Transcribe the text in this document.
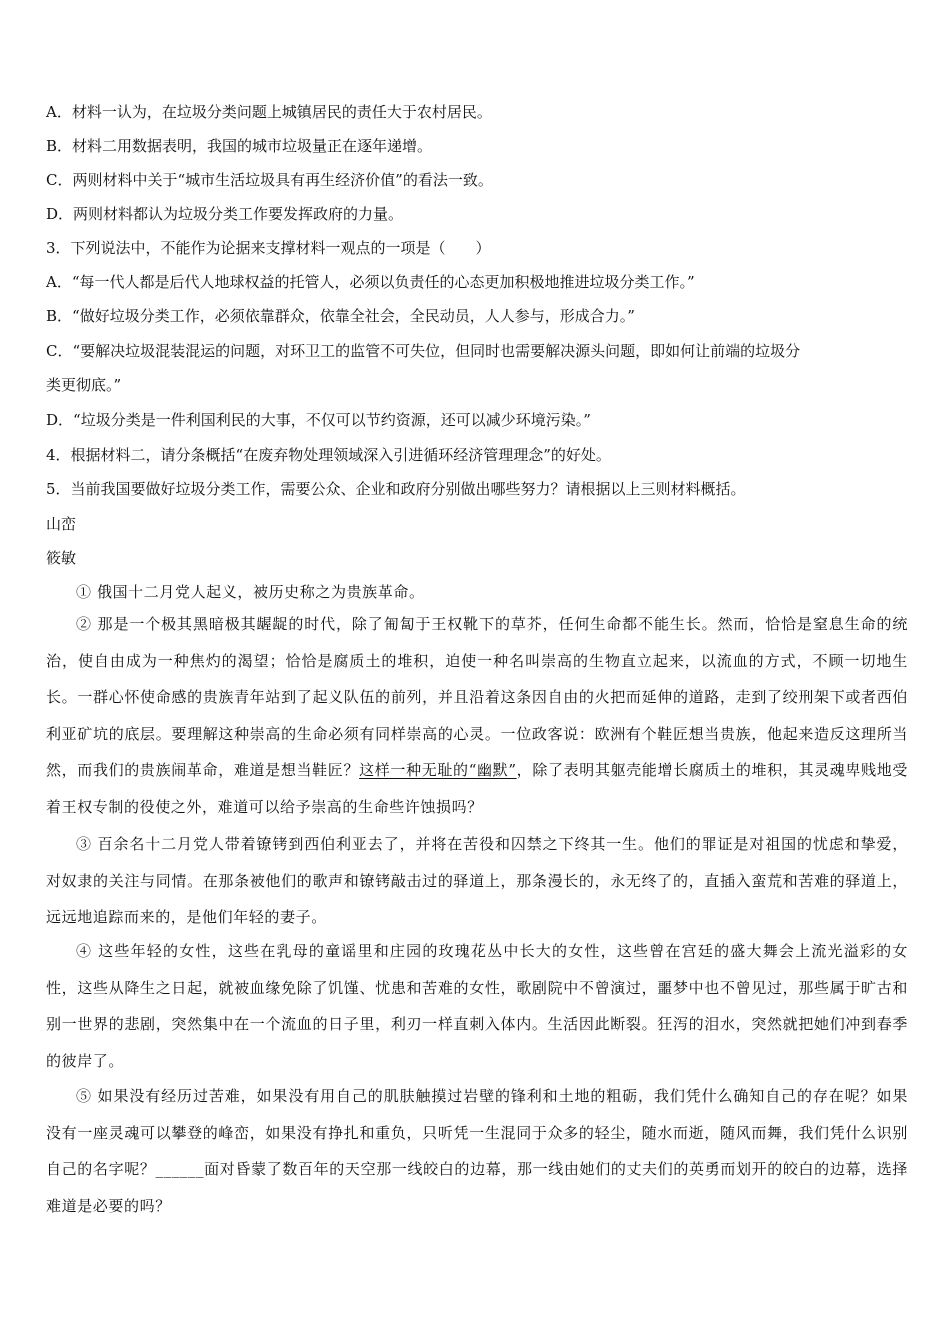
A．材料一认为，在垃圾分类问题上城镇居民的责任大于农村居民。
B．材料二用数据表明，我国的城市垃圾量正在逐年递增。
C．两则材料中关于“城市生活垃圾具有再生经济价值”的看法一致。
D．两则材料都认为垃圾分类工作要发挥政府的力量。
3．下列说法中，不能作为论据来支撑材料一观点的一项是（　　）
A．“每一代人都是后代人地球权益的托管人，必须以负责任的心态更加积极地推进垃圾分类工作。”
B．“做好垃圾分类工作，必须依靠群众，依靠全社会，全民动员，人人参与，形成合力。”
C．“要解决垃圾混装混运的问题，对环卫工的监管不可失位，但同时也需要解决源头问题，即如何让前端的垃圾分
类更彻底。”
D．“垃圾分类是一件利国利民的大事，不仅可以节约资源，还可以减少环境污染。”
4．根据材料二，请分条概括“在废弃物处理领域深入引进循环经济管理理念”的好处。
5．当前我国要做好垃圾分类工作，需要公众、企业和政府分别做出哪些努力？请根据以上三则材料概括。
山峦
筱敏
① 俄国十二月党人起义，被历史称之为贵族革命。
② 那是一个极其黑暗极其龌龊的时代，除了匍匐于王权靴下的草芥，任何生命都不能生长。然而，恰恰是窒息生命的统治，使自由成为一种焦灼的渴望；恰恰是腐质土的堆积，迫使一种名叫崇高的生物直立起来，以流血的方式，不顾一切地生长。一群心怀使命感的贵族青年站到了起义队伍的前列，并且沿着这条因自由的火把而延伸的道路，走到了绞刑架下或者西伯利亚矿坑的底层。要理解这种崇高的生命必须有同样崇高的心灵。一位政客说：欧洲有个鞋匠想当贵族，他起来造反这理所当然，而我们的贵族闹革命，难道是想当鞋匠？这样一种无耻的“幽默”，除了表明其躯壳能增长腐质土的堆积，其灵魂卑贱地受着王权专制的役使之外，难道可以给予崇高的生命些许蚀损吗？
③ 百余名十二月党人带着镣铐到西伯利亚去了，并将在苦役和囚禁之下终其一生。他们的罪证是对祖国的忧虑和挚爱，对奴隶的关注与同情。在那条被他们的歌声和镣铐敲击过的驿道上，那条漫长的，永无终了的，直插入蛮荒和苦难的驿道上，远远地追踪而来的，是他们年轻的妻子。
④ 这些年轻的女性，这些在乳母的童谣里和庄园的玫瑰花丛中长大的女性，这些曾在宫廷的盛大舞会上流光溢彩的女性，这些从降生之日起，就被血缘免除了饥馑、忧患和苦难的女性，歌剧院中不曾演过，噩梦中也不曾见过，那些属于旷古和别一世界的悲剧，突然集中在一个流血的日子里，利刃一样直刺入体内。生活因此断裂。狂泻的泪水，突然就把她们冲到春季的彼岸了。
⑤ 如果没有经历过苦难，如果没有用自己的肌肤触摸过岩壁的锋利和土地的粗砺，我们凭什么确知自己的存在呢？如果没有一座灵魂可以攀登的峰峦，如果没有挣扎和重负，只听凭一生混同于众多的轻尘，随水而逝，随风而舞，我们凭什么识别自己的名字呢？______面对昏蒙了数百年的天空那一线皎白的边幕，那一线由她们的丈夫们的英勇而划开的皎白的边幕，选择难道是必要的吗？
